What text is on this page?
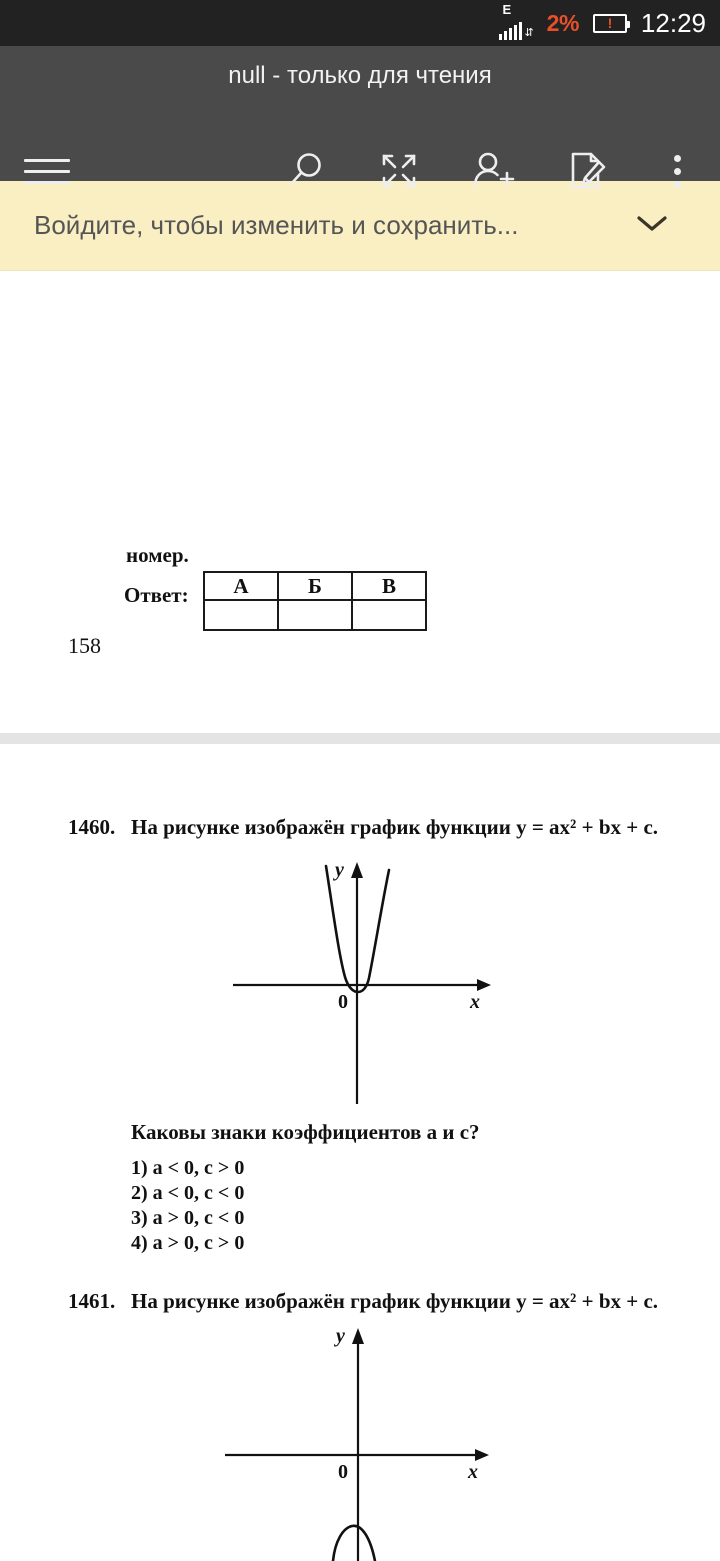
E
⇵ 2% ! 12:29
null - только для чтения
Войдите, чтобы изменить и сохранить...
номер.
Ответ: А	Б	В

158
1460. На рисунке изображён график функции y = ax² + bx + c.
y
0	x
Каковы знаки коэффициентов a и c?
1) a < 0, c > 0
2) a < 0, c < 0
3) a > 0, c < 0
4) a > 0, c > 0
1461. На рисунке изображён график функции y = ax² + bx + c.
y
0	x
